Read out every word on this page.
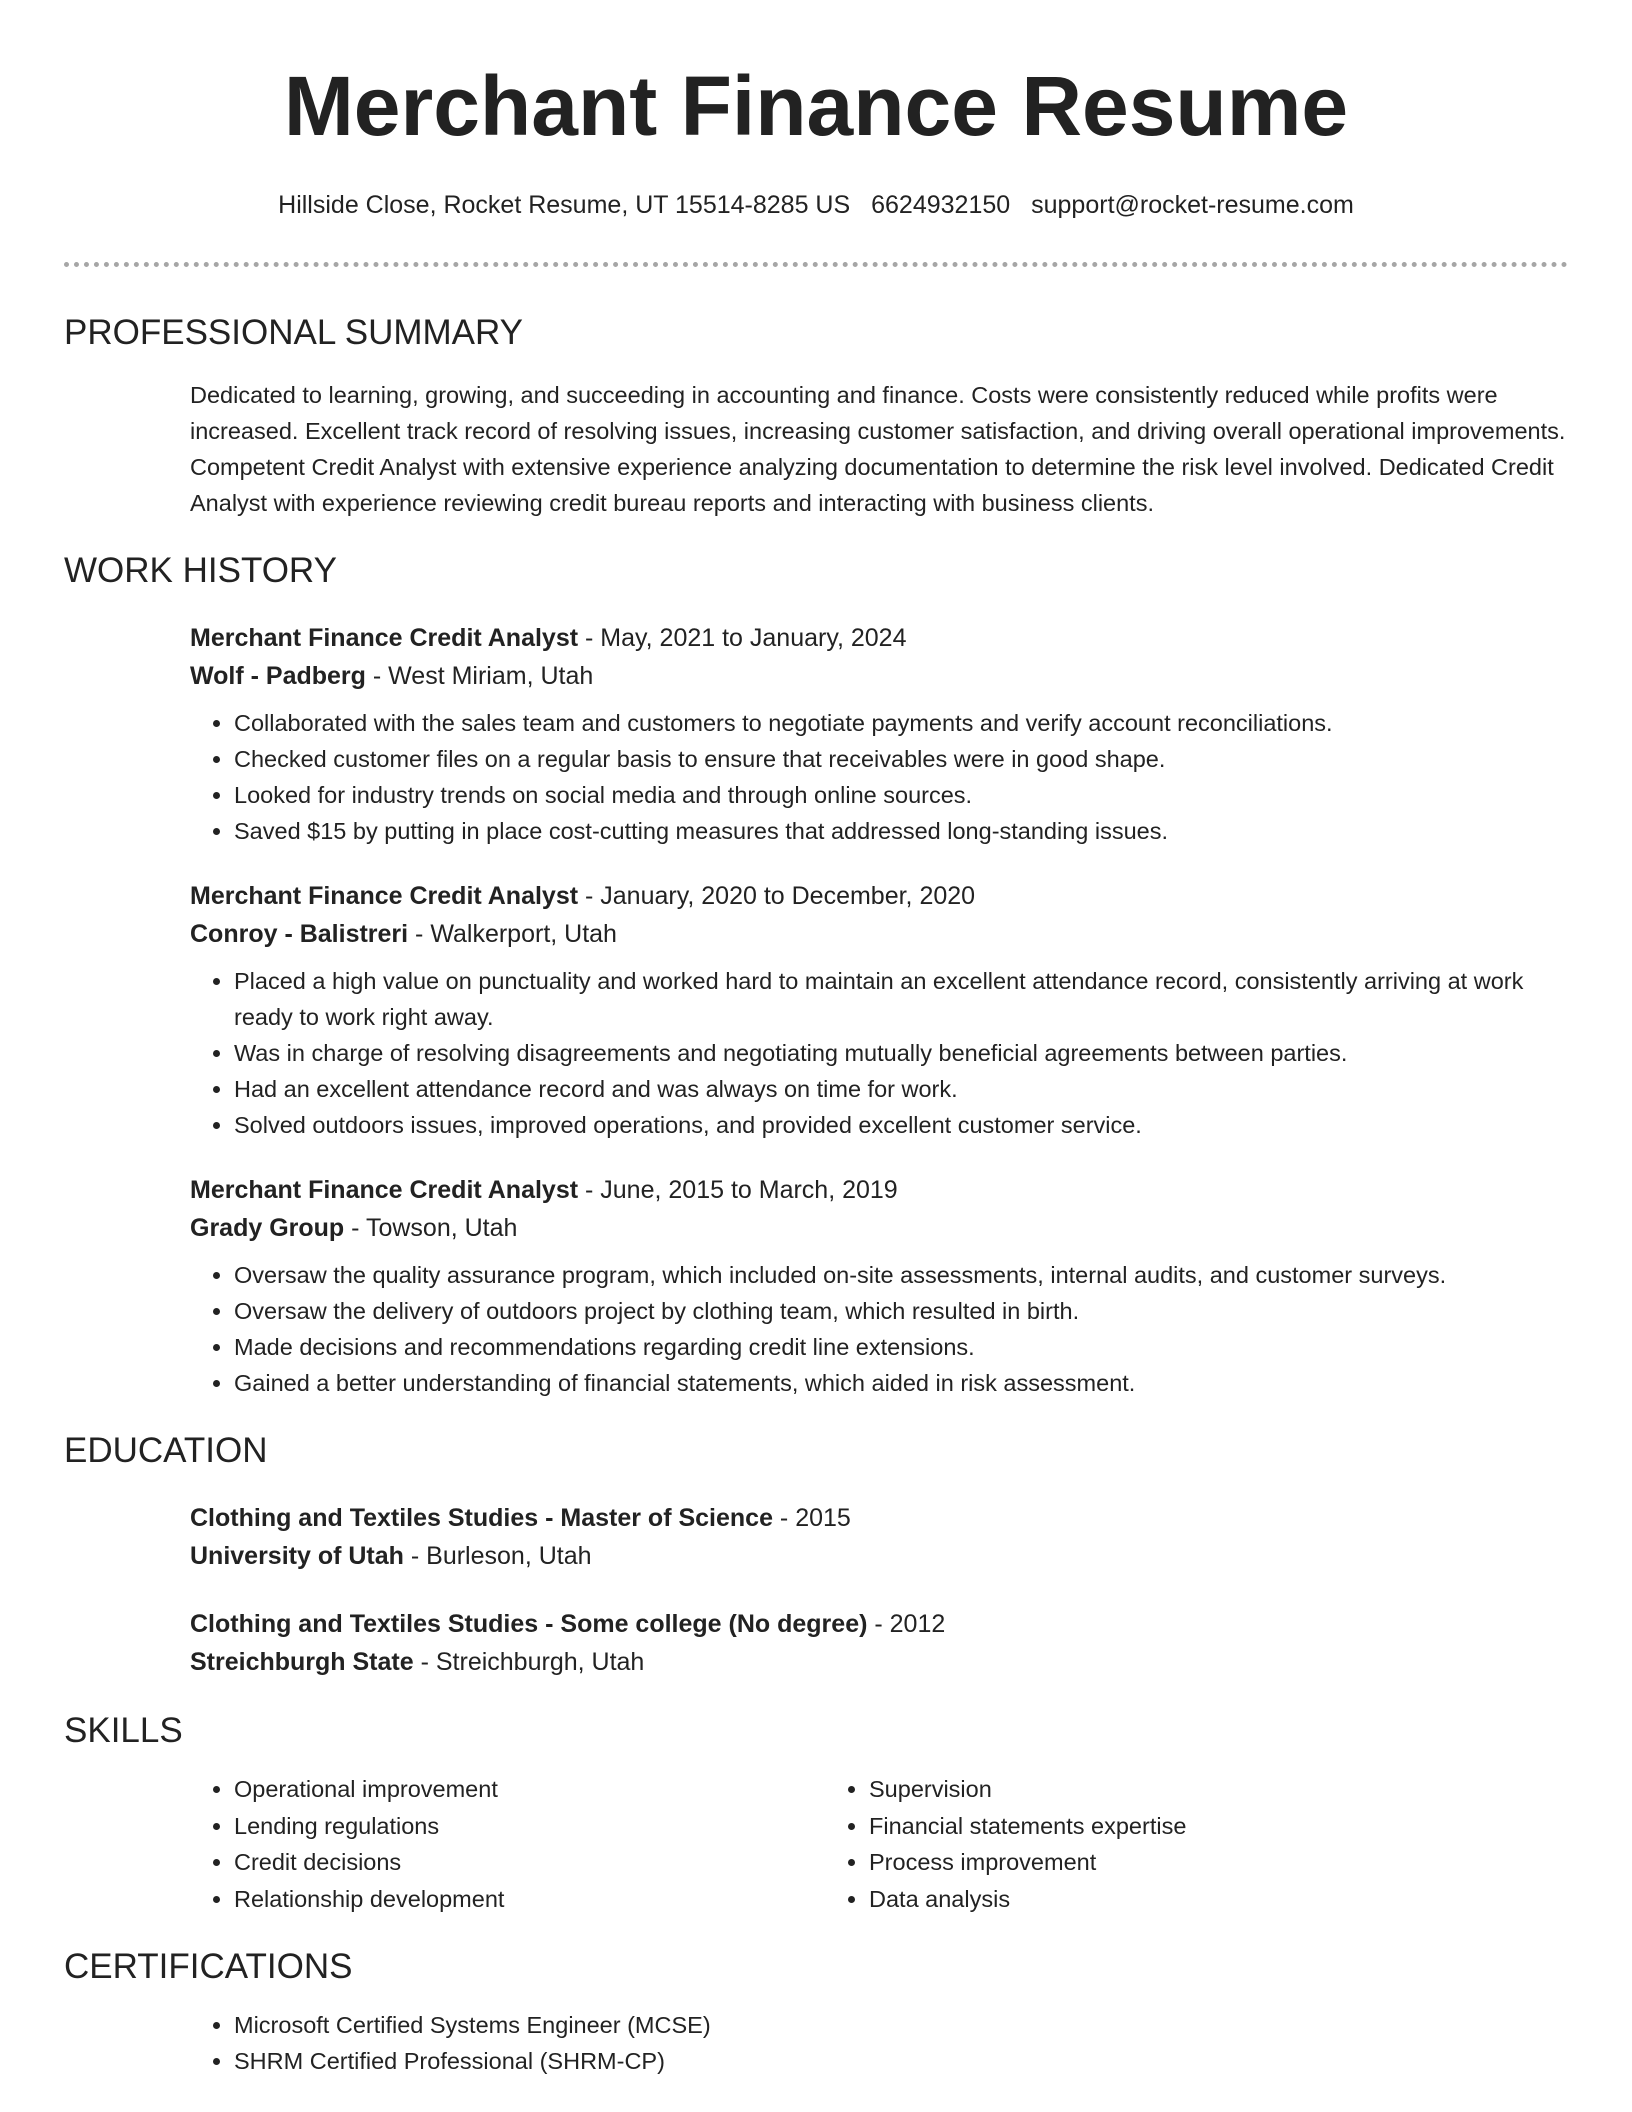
Merchant Finance Resume
Hillside Close, Rocket Resume, UT 15514-8285 US 6624932150 support@rocket-resume.com
PROFESSIONAL SUMMARY
Dedicated to learning, growing, and succeeding in accounting and finance. Costs were consistently reduced while profits were increased. Excellent track record of resolving issues, increasing customer satisfaction, and driving overall operational improvements. Competent Credit Analyst with extensive experience analyzing documentation to determine the risk level involved. Dedicated Credit Analyst with experience reviewing credit bureau reports and interacting with business clients.
WORK HISTORY
Merchant Finance Credit Analyst - May, 2021 to January, 2024
Wolf - Padberg - West Miriam, Utah
• Collaborated with the sales team and customers to negotiate payments and verify account reconciliations.
• Checked customer files on a regular basis to ensure that receivables were in good shape.
• Looked for industry trends on social media and through online sources.
• Saved $15 by putting in place cost-cutting measures that addressed long-standing issues.
Merchant Finance Credit Analyst - January, 2020 to December, 2020
Conroy - Balistreri - Walkerport, Utah
• Placed a high value on punctuality and worked hard to maintain an excellent attendance record, consistently arriving at work ready to work right away.
• Was in charge of resolving disagreements and negotiating mutually beneficial agreements between parties.
• Had an excellent attendance record and was always on time for work.
• Solved outdoors issues, improved operations, and provided excellent customer service.
Merchant Finance Credit Analyst - June, 2015 to March, 2019
Grady Group - Towson, Utah
• Oversaw the quality assurance program, which included on-site assessments, internal audits, and customer surveys.
• Oversaw the delivery of outdoors project by clothing team, which resulted in birth.
• Made decisions and recommendations regarding credit line extensions.
• Gained a better understanding of financial statements, which aided in risk assessment.
EDUCATION
Clothing and Textiles Studies - Master of Science - 2015
University of Utah - Burleson, Utah
Clothing and Textiles Studies - Some college (No degree) - 2012
Streichburgh State - Streichburgh, Utah
SKILLS
• Operational improvement
• Lending regulations
• Credit decisions
• Relationship development
• Supervision
• Financial statements expertise
• Process improvement
• Data analysis
CERTIFICATIONS
• Microsoft Certified Systems Engineer (MCSE)
• SHRM Certified Professional (SHRM-CP)
